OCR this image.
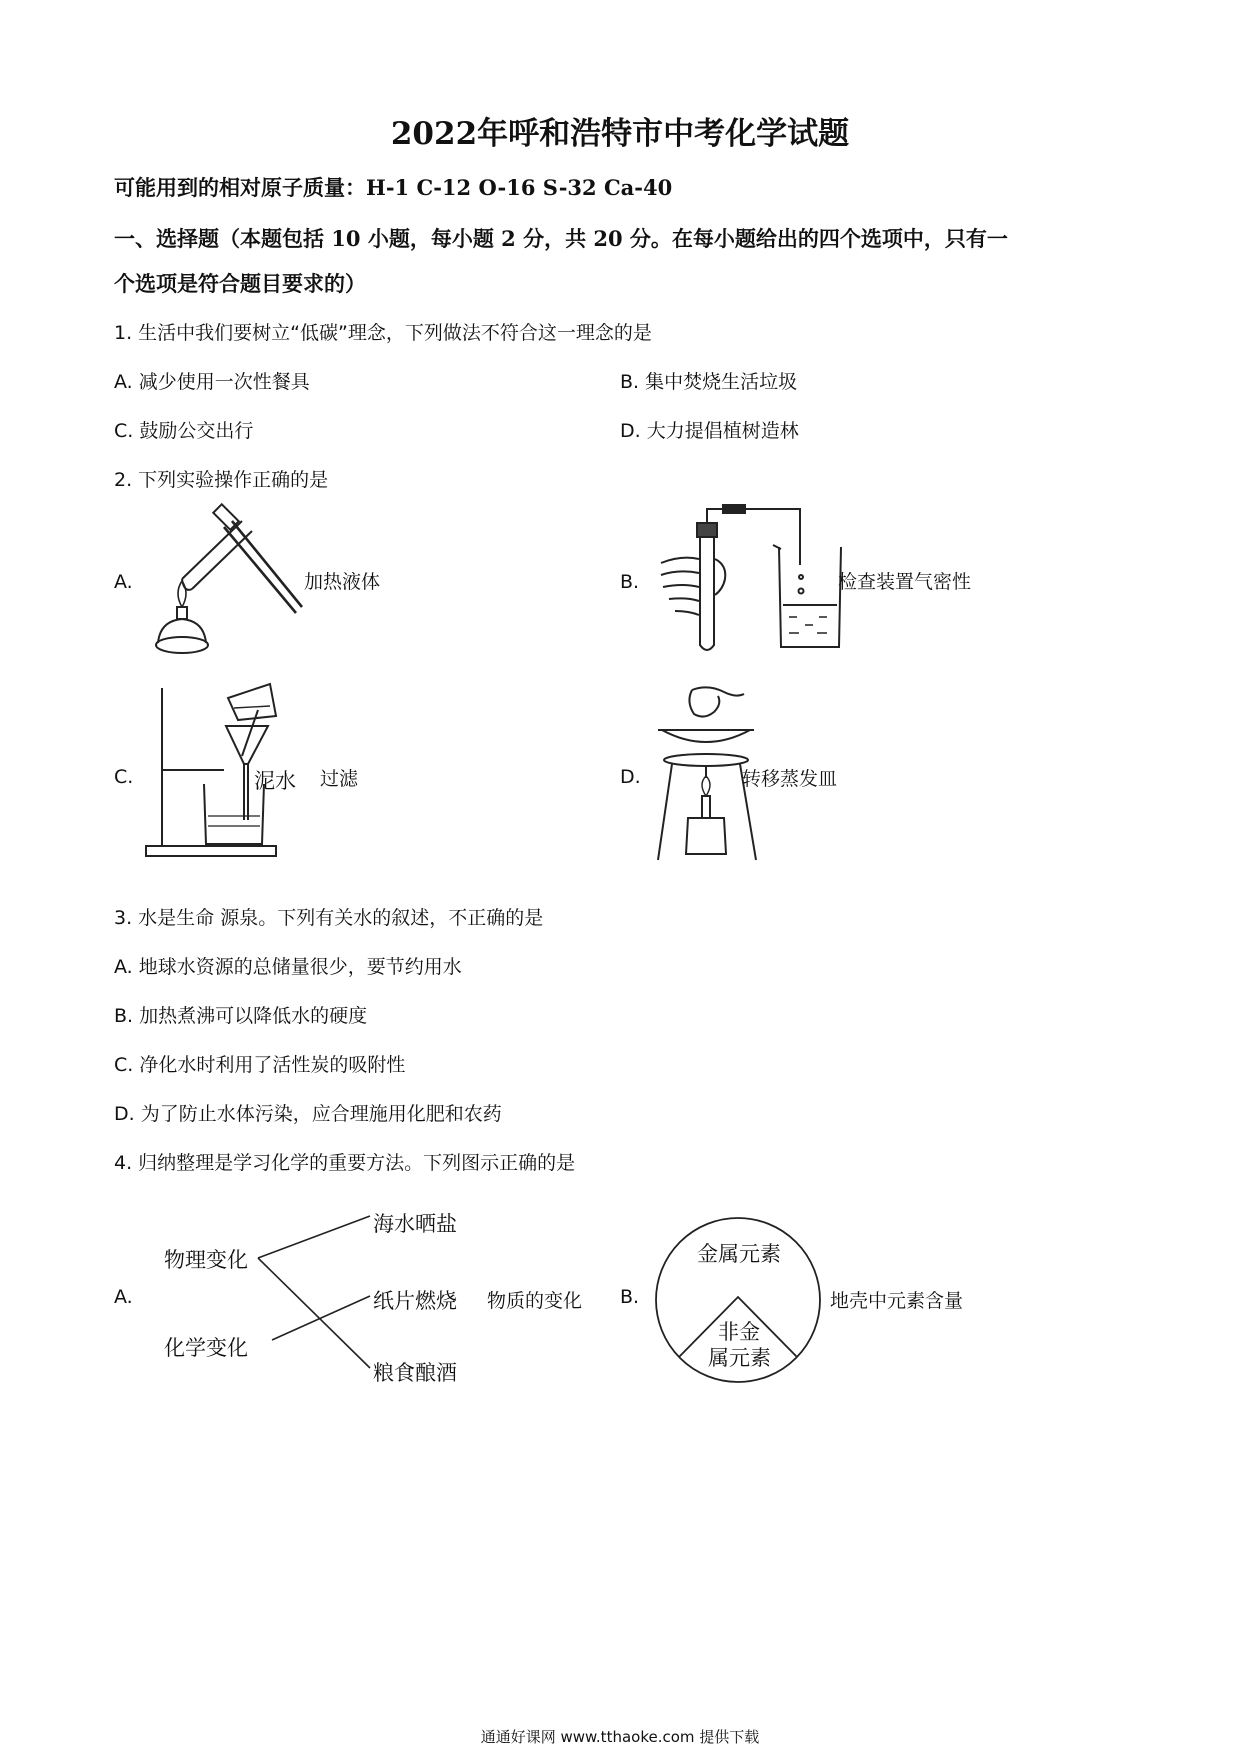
2022年呼和浩特市中考化学试题
可能用到的相对原子质量：H-1 C-12 O-16 S-32 Ca-40
一、选择题（本题包括 10 小题，每小题 2 分，共 20 分。在每小题给出的四个选项中，只有一
个选项是符合题目要求的）
1. 生活中我们要树立“低碳”理念，下列做法不符合这一理念的是
A. 减少使用一次性餐具	B. 集中焚烧生活垃圾
C. 鼓励公交出行	D. 大力提倡植树造林
2. 下列实验操作正确的是
A.	加热液体	B.	检查装置气密性
C.	泥水 过滤	D.	转移蒸发皿
3. 水是生命 源泉。下列有关水的叙述，不正确的是
A. 地球水资源的总储量很少，要节约用水
B. 加热煮沸可以降低水的硬度
C. 净化水时利用了活性炭的吸附性
D. 为了防止水体污染，应合理施用化肥和农药
4. 归纳整理是学习化学的重要方法。下列图示正确的是
A.
物理变化
化学变化
海水晒盐
纸片燃烧
粮食酿酒
物质的变化 B.
金属元素
非金
属元素
地壳中元素含量
通通好课网 www.tthaoke.com 提供下载
